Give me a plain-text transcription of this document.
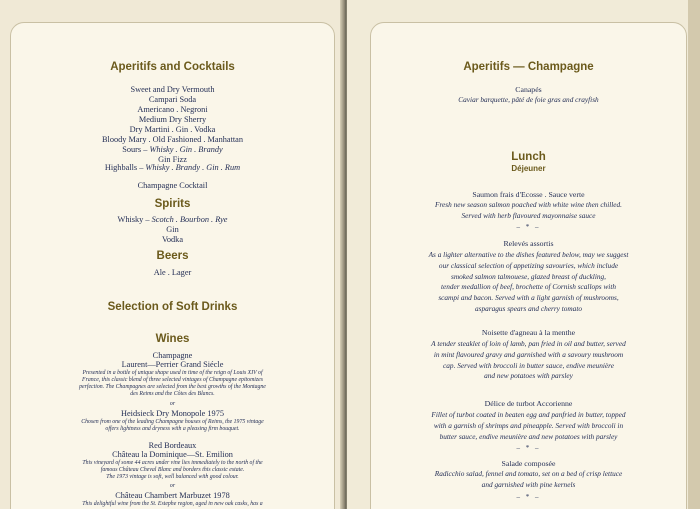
Aperitifs and Cocktails
Sweet and Dry Vermouth
Campari Soda
Americano . Negroni
Medium Dry Sherry
Dry Martini . Gin . Vodka
Bloody Mary . Old Fashioned . Manhattan
Sours – Whisky . Gin . Brandy
Gin Fizz
Highballs – Whisky . Brandy . Gin . Rum
Champagne Cocktail
Spirits
Whisky – Scotch . Bourbon . Rye
Gin
Vodka
Beers
Ale . Lager
Selection of Soft Drinks
Wines
Champagne
Laurent—Perrier Grand Siécle
Presented in a bottle of unique shape used in time of the reign of Louis XIV of
France, this classic blend of three selected vintages of Champagne epitomizes
perfection. The Champagnes are selected from the best growths of the Montagne
des Reims and the Côtes des Blancs.
or
Heidsieck Dry Monopole 1975
Chosen from one of the leading Champagne houses of Reims, the 1975 vintage
offers lightness and dryness with a pleasing firm bouquet.
Red Bordeaux
Château la Dominique—St. Emilion
This vineyard of some 44 acres under vine lies immediately to the north of the
famous Château Cheval Blanc and borders this classic estate.
The 1973 vintage is soft, well balanced with good colour.
or
Château Chambert Marbuzet 1978
This delightful wine from the St. Estephe region, aged in new oak casks, has a
Aperitifs — Champagne
Canapés
Caviar barquette, pâté de foie gras and crayfish
Lunch
Déjeuner
Saumon frais d'Ecosse . Sauce verte
Fresh new season salmon poached with white wine then chilled.
Served with herb flavoured mayonnaise sauce
– * –
Relevés assortis
As a lighter alternative to the dishes featured below, may we suggest
our classical selection of appetizing savouries, which include
smoked salmon talmouese, glazed breast of duckling,
tender medallion of beef, brochette of Cornish scallops with
scampi and bacon. Served with a light garnish of mushrooms,
asparagus spears and cherry tomato
Noisette d'agneau à la menthe
A tender steaklet of loin of lamb, pan fried in oil and butter, served
in mint flavoured gravy and garnished with a savoury mushroom
cap. Served with broccoli in butter sauce, endive meunière
and new potatoes with parsley
Délice de turbot Accorienne
Fillet of turbot coated in beaten egg and panfried in butter, topped
with a garnish of shrimps and pineapple. Served with broccoli in
butter sauce, endive meunière and new potatoes with parsley
– * –
Salade composée
Radicchio salad, fennel and tomato, set on a bed of crisp lettuce
and garnished with pine kernels
– * –
